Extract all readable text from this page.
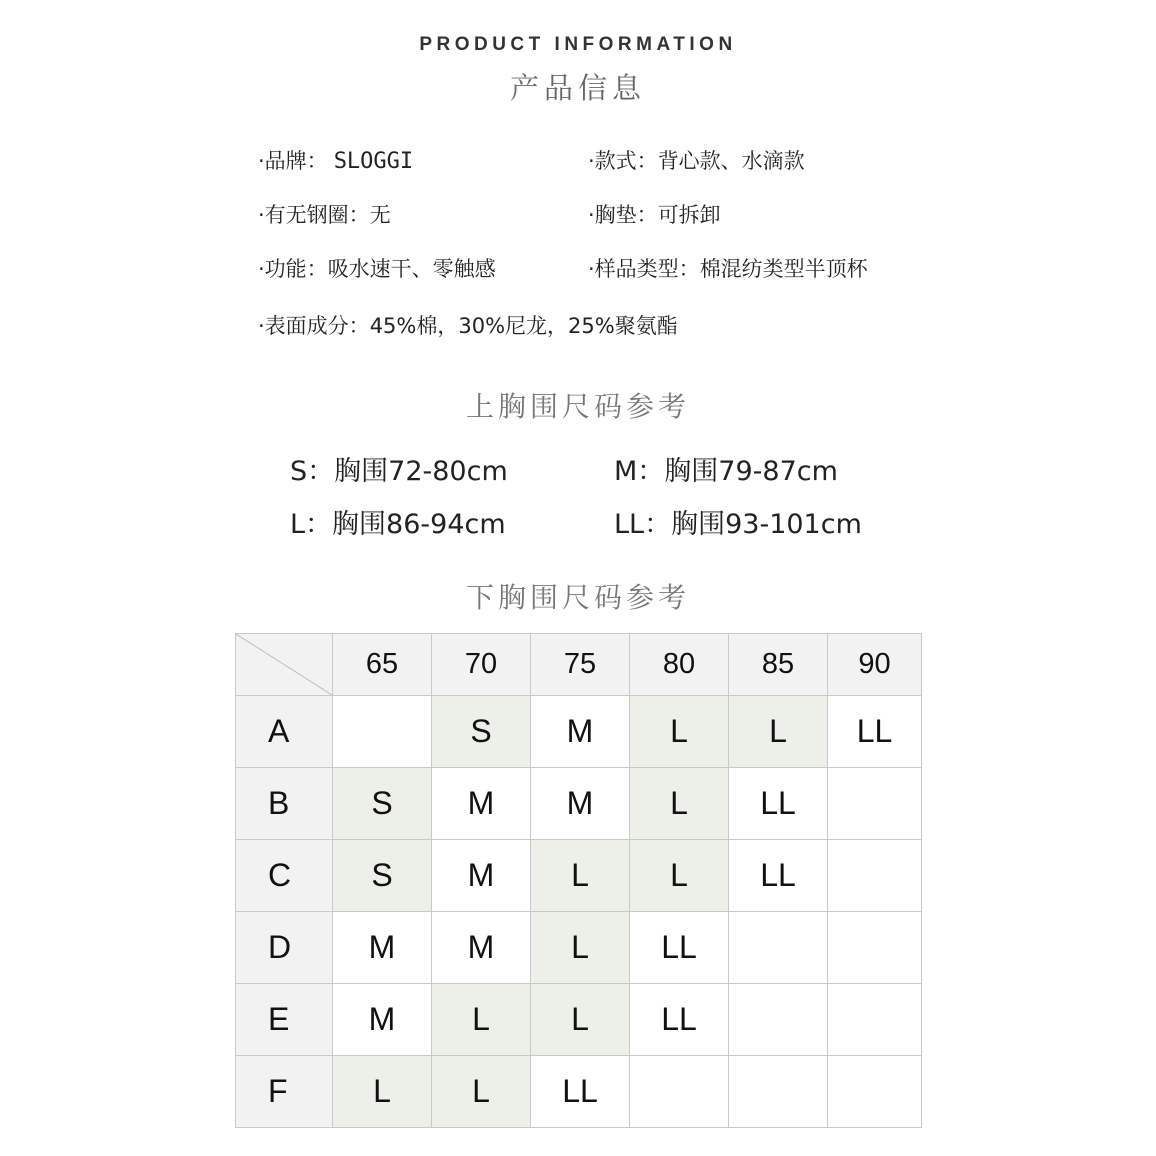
PRODUCT INFORMATION
产品信息
·品牌： SLOGGI	·款式：背心款、水滴款
·有无钢圈：无	·胸垫：可拆卸
·功能：吸水速干、零触感	·样品类型：棉混纺类型半顶杯
·表面成分：45%棉，30%尼龙，25%聚氨酯
上胸围尺码参考
S：胸围72-80cm	M：胸围79-87cm
L：胸围86-94cm	LL：胸围93-101cm
下胸围尺码参考
	65	70	75	80	85	90
A		S	M	L	L	LL
B	S	M	M	L	LL	
C	S	M	L	L	LL	
D	M	M	L	LL		
E	M	L	L	LL		
F	L	L	LL			
